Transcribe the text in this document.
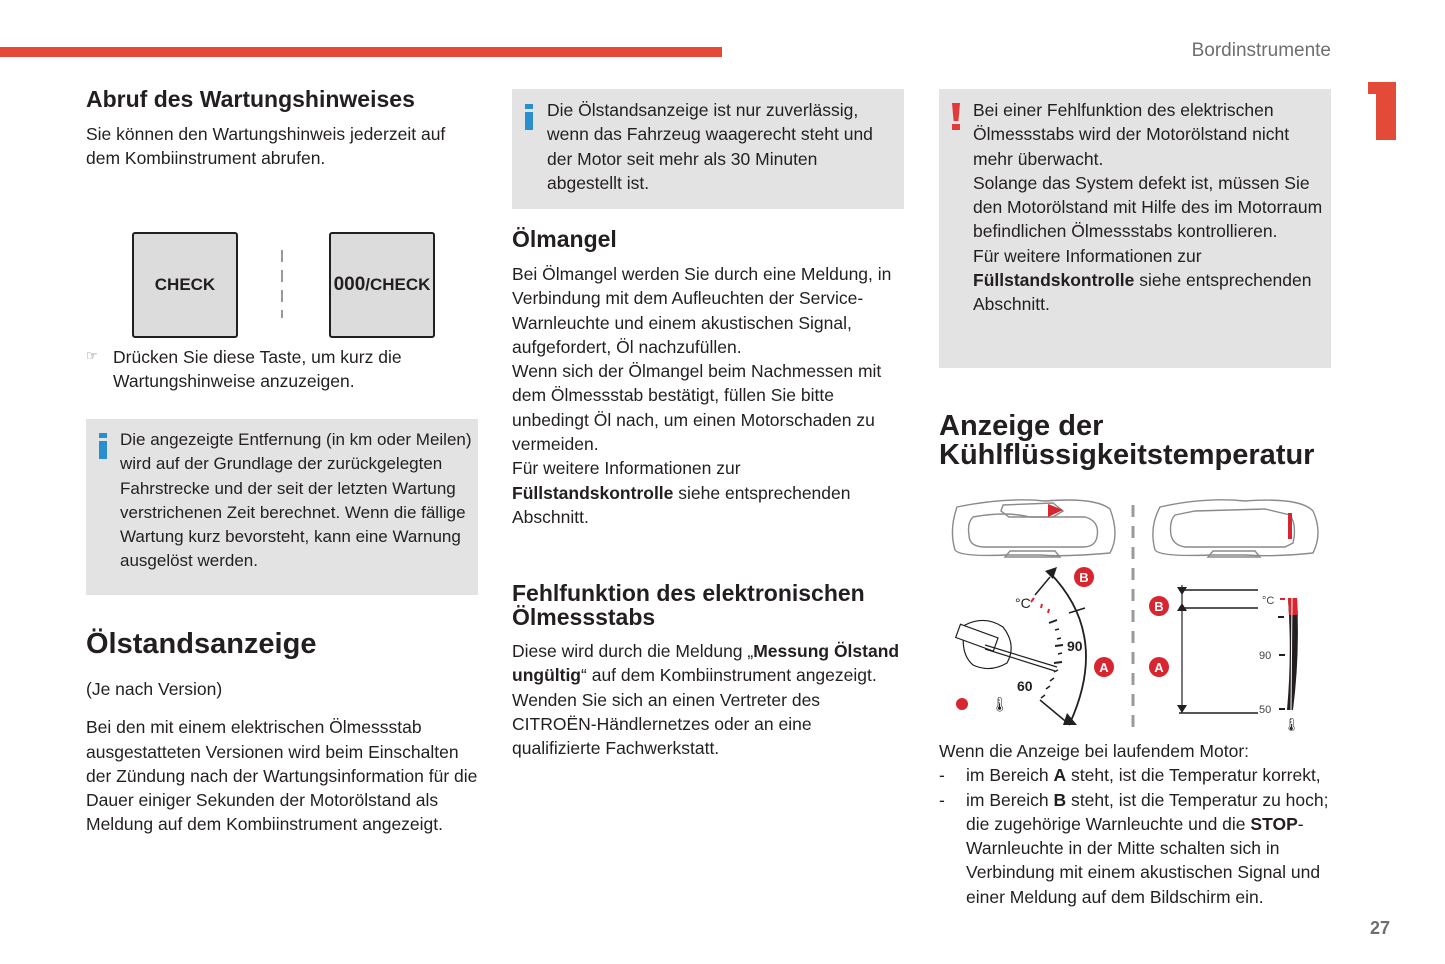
Bordinstrumente
Abruf des Wartungshinweises

Sie können den Wartungshinweis jederzeit auf dem Kombiinstrument abrufen.

CHECK	000 /CHECK
☞ Drücken Sie diese Taste, um kurz die Wartungshinweise anzuzeigen.

Die angezeigte Entfernung (in km oder Meilen) wird auf der Grundlage der zurückgelegten Fahrstrecke und der seit der letzten Wartung verstrichenen Zeit berechnet. Wenn die fällige Wartung kurz bevorsteht, kann eine Warnung ausgelöst werden.
Ölstandsanzeige

(Je nach Version)

Bei den mit einem elektrischen Ölmessstab ausgestatteten Versionen wird beim Einschalten der Zündung nach der Wartungsinformation für die Dauer einiger Sekunden der Motorölstand als Meldung auf dem Kombiinstrument angezeigt.

Die Ölstandsanzeige ist nur zuverlässig, wenn das Fahrzeug waagerecht steht und der Motor seit mehr als 30 Minuten abgestellt ist.
Ölmangel

Bei Ölmangel werden Sie durch eine Meldung, in Verbindung mit dem Aufleuchten der Service-Warnleuchte und einem akustischen Signal, aufgefordert, Öl nachzufüllen.

Wenn sich der Ölmangel beim Nachmessen mit dem Ölmessstab bestätigt, füllen Sie bitte unbedingt Öl nach, um einen Motorschaden zu vermeiden.

Für weitere Informationen zur Füllstandskontrolle siehe entsprechenden Abschnitt.

Fehlfunktion des elektronischen Ölmessstabs

Diese wird durch die Meldung „Messung Ölstand ungültig“ auf dem Kombiinstrument angezeigt.

Wenden Sie sich an einen Vertreter des CITROËN-Händlernetzes oder an eine qualifizierte Fachwerkstatt.

Bei einer Fehlfunktion des elektrischen Ölmessstabs wird der Motorölstand nicht mehr überwacht.
Solange das System defekt ist, müssen Sie den Motorölstand mit Hilfe des im Motorraum befindlichen Ölmessstabs kontrollieren.
Für weitere Informationen zur Füllstandskontrolle siehe entsprechenden Abschnitt.
Anzeige der
Kühlflüssigkeitstemperatur
°C
90
60
B
A
🌡
B
A
°C
90
50
🌡

Wenn die Anzeige bei laufendem Motor:

- im Bereich A steht, ist die Temperatur korrekt,
- im Bereich B steht, ist die Temperatur zu hoch; die zugehörige Warnleuchte und die STOP-Warnleuchte in der Mitte schalten sich in Verbindung mit einem akustischen Signal und einer Meldung auf dem Bildschirm ein.
27
